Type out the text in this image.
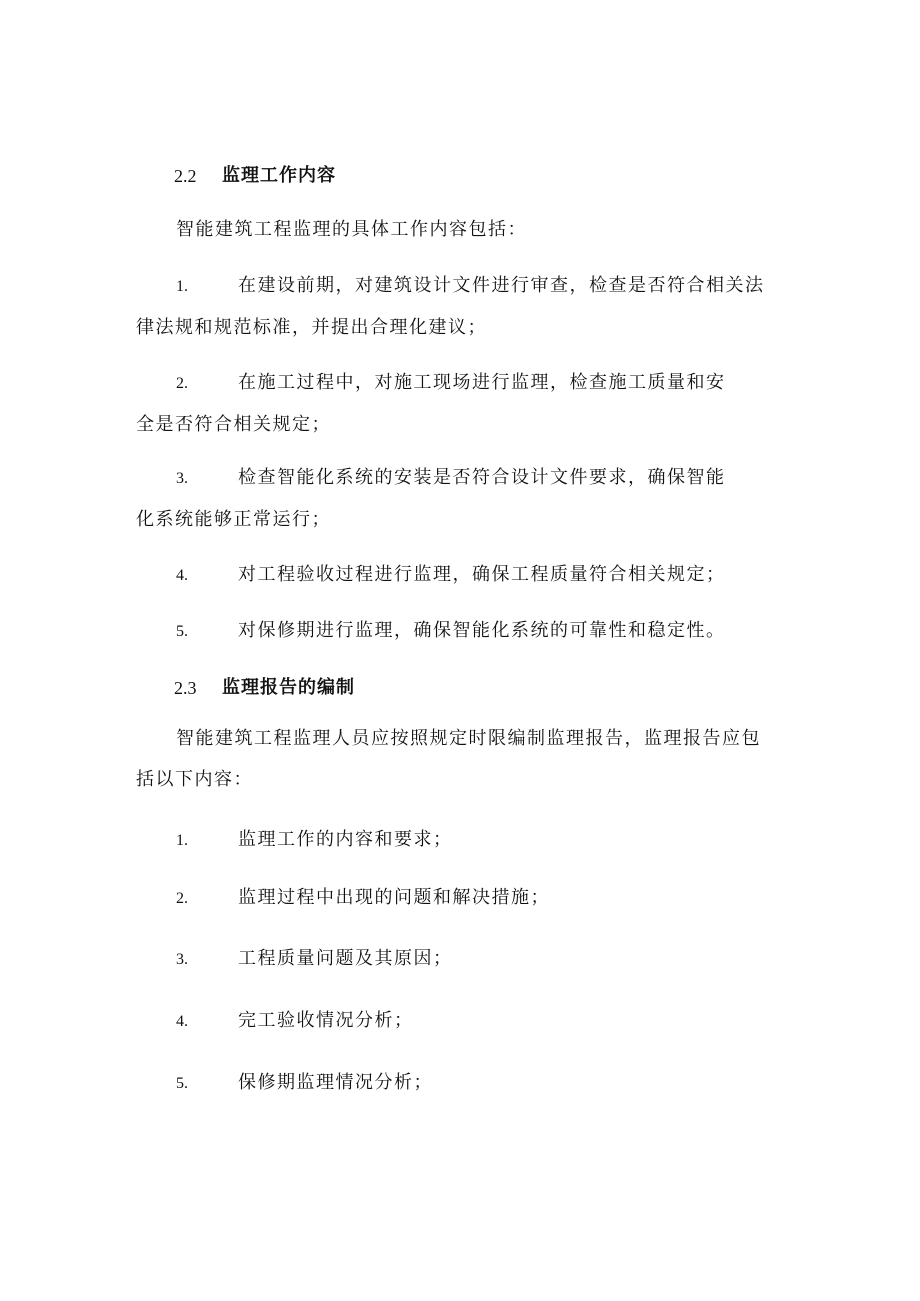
2.2 监理工作内容
智能建筑工程监理的具体工作内容包括：
1.	在建设前期，对建筑设计文件进行审查，检查是否符合相关法
律法规和规范标准，并提出合理化建议；
2.	在施工过程中，对施工现场进行监理，检查施工质量和安
全是否符合相关规定；
3.	检查智能化系统的安装是否符合设计文件要求，确保智能
化系统能够正常运行；
4.	对工程验收过程进行监理，确保工程质量符合相关规定；
5.	对保修期进行监理，确保智能化系统的可靠性和稳定性。
2.3 监理报告的编制
智能建筑工程监理人员应按照规定时限编制监理报告，监理报告应包
括以下内容：
1.	监理工作的内容和要求；
2.	监理过程中出现的问题和解决措施；
3.	工程质量问题及其原因；
4.	完工验收情况分析；
5.	保修期监理情况分析；
